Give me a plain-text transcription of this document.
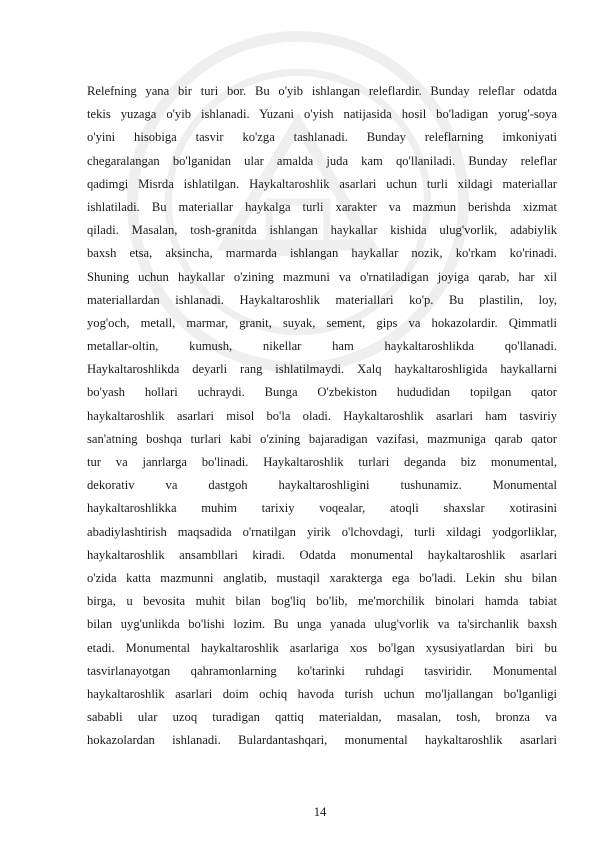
Relefning yana bir turi bor. Bu o'yib ishlangan releflardir. Bunday releflar odatda
tekis yuzaga o'yib ishlanadi. Yuzani o'yish natijasida hosil bo'ladigan yorug'-soya
o'yini hisobiga tasvir ko'zga tashlanadi. Bunday releflarning imkoniyati
chegaralangan bo'lganidan ular amalda juda kam qo'llaniladi. Bunday releflar
qadimgi Misrda ishlatilgan. Haykaltaroshlik asarlari uchun turli xildagi materiallar
ishlatiladi. Bu materiallar haykalga turli xarakter va mazmun berishda xizmat
qiladi. Masalan, tosh-granitda ishlangan haykallar kishida ulug'vorlik, adabiylik
baxsh etsa, aksincha, marmarda ishlangan haykallar nozik, ko'rkam ko'rinadi.
Shuning uchun haykallar o'zining mazmuni va o'rnatiladigan joyiga qarab, har xil
materiallardan ishlanadi. Haykaltaroshlik materiallari ko'p. Bu plastilin, loy,
yog'och, metall, marmar, granit, suyak, sement, gips va hokazolardir. Qimmatli
metallar-oltin, kumush, nikellar ham haykaltaroshlikda qo'llanadi.
Haykaltaroshlikda deyarli rang ishlatilmaydi. Xalq haykaltaroshligida haykallarni
bo'yash hollari uchraydi. Bunga O'zbekiston hududidan topilgan qator
haykaltaroshlik asarlari misol bo'la oladi. Haykaltaroshlik asarlari ham tasviriy
san'atning boshqa turlari kabi o'zining bajaradigan vazifasi, mazmuniga qarab qator
tur va janrlarga bo'linadi. Haykaltaroshlik turlari deganda biz monumental,
dekorativ va dastgoh haykaltaroshligini tushunamiz. Monumental
haykaltaroshlikka muhim tarixiy voqealar, atoqli shaxslar xotirasini
abadiylashtirish maqsadida o'rnatilgan yirik o'lchovdagi, turli xildagi yodgorliklar,
haykaltaroshlik ansambllari kiradi. Odatda monumental haykaltaroshlik asarlari
o'zida katta mazmunni anglatib, mustaqil xarakterga ega bo'ladi. Lekin shu bilan
birga, u bevosita muhit bilan bog'liq bo'lib, me'morchilik binolari hamda tabiat
bilan uyg'unlikda bo'lishi lozim. Bu unga yanada ulug'vorlik va ta'sirchanlik baxsh
etadi. Monumental haykaltaroshlik asarlariga xos bo'lgan xysusiyatlardan biri bu
tasvirlanayotgan qahramonlarning ko'tarinki ruhdagi tasviridir. Monumental
haykaltaroshlik asarlari doim ochiq havoda turish uchun mo'ljallangan bo'lganligi
sababli ular uzoq turadigan qattiq materialdan, masalan, tosh, bronza va
hokazolardan ishlanadi. Bulardantashqari, monumental haykaltaroshlik asarlari
14
